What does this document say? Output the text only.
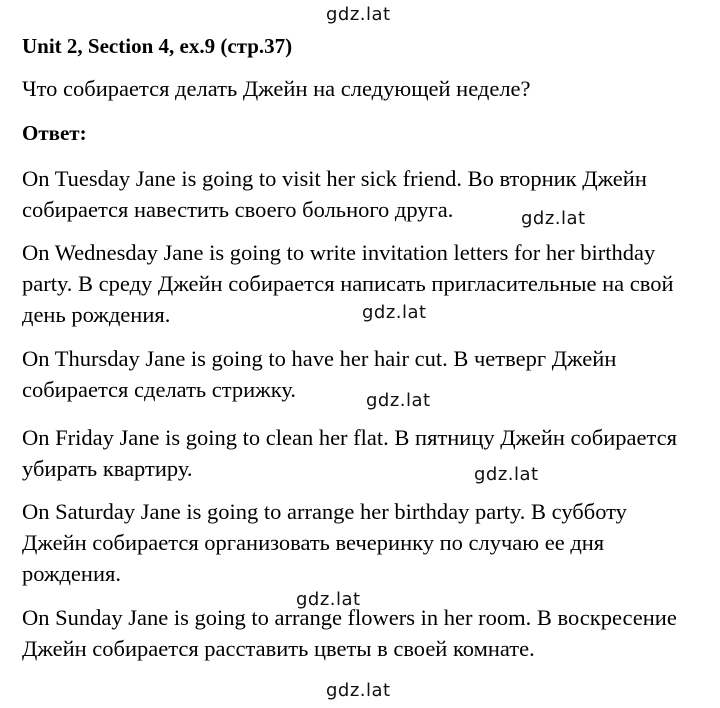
gdz.lat
Unit 2, Section 4, ex.9 (стр.37)
Что собирается делать Джейн на следующей неделе?
Ответ:
On Tuesday Jane is going to visit her sick friend. Во вторник Джейн
собирается навестить своего больного друга.	gdz.lat
On Wednesday Jane is going to write invitation letters for her birthday
party. В среду Джейн собирается написать пригласительные на свой
день рождения.	gdz.lat
On Thursday Jane is going to have her hair cut. В четверг Джейн
собирается сделать стрижку.	gdz.lat
On Friday Jane is going to clean her flat. В пятницу Джейн собирается
убирать квартиру.	gdz.lat
On Saturday Jane is going to arrange her birthday party. В субботу
Джейн собирается организовать вечеринку по случаю ее дня
рождения.
gdz.lat
On Sunday Jane is going to arrange flowers in her room. В воскресение
Джейн собирается расставить цветы в своей комнате.
gdz.lat
